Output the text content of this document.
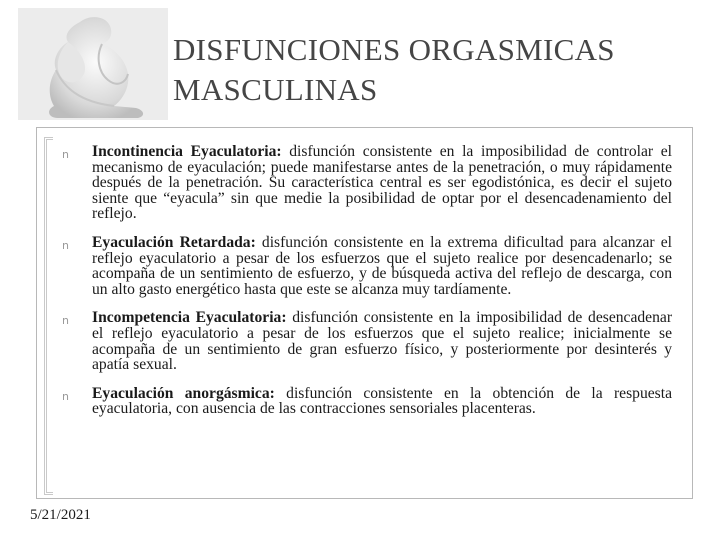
DISFUNCIONES ORGASMICAS
MASCULINAS
n Incontinencia Eyaculatoria: disfunción consistente en la imposibilidad de controlar el mecanismo de eyaculación; puede manifestarse antes de la penetración, o muy rápidamente después de la penetración. Su característica central es ser egodistónica, es decir el sujeto siente que “eyacula” sin que medie la posibilidad de optar por el desencadenamiento del reflejo.

n Eyaculación Retardada: disfunción consistente en la extrema dificultad para alcanzar el reflejo eyaculatorio a pesar de los esfuerzos que el sujeto realice por desencadenarlo; se acompaña de un sentimiento de esfuerzo, y de búsqueda activa del reflejo de descarga, con un alto gasto energético hasta que este se alcanza muy tardíamente.

n Incompetencia Eyaculatoria: disfunción consistente en la imposibilidad de desencadenar el reflejo eyaculatorio a pesar de los esfuerzos que el sujeto realice; inicialmente se acompaña de un sentimiento de gran esfuerzo físico, y posteriormente por desinterés y apatía sexual.

n Eyaculación anorgásmica: disfunción consistente en la obtención de la respuesta eyaculatoria, con ausencia de las contracciones sensoriales placenteras.

5/21/2021
